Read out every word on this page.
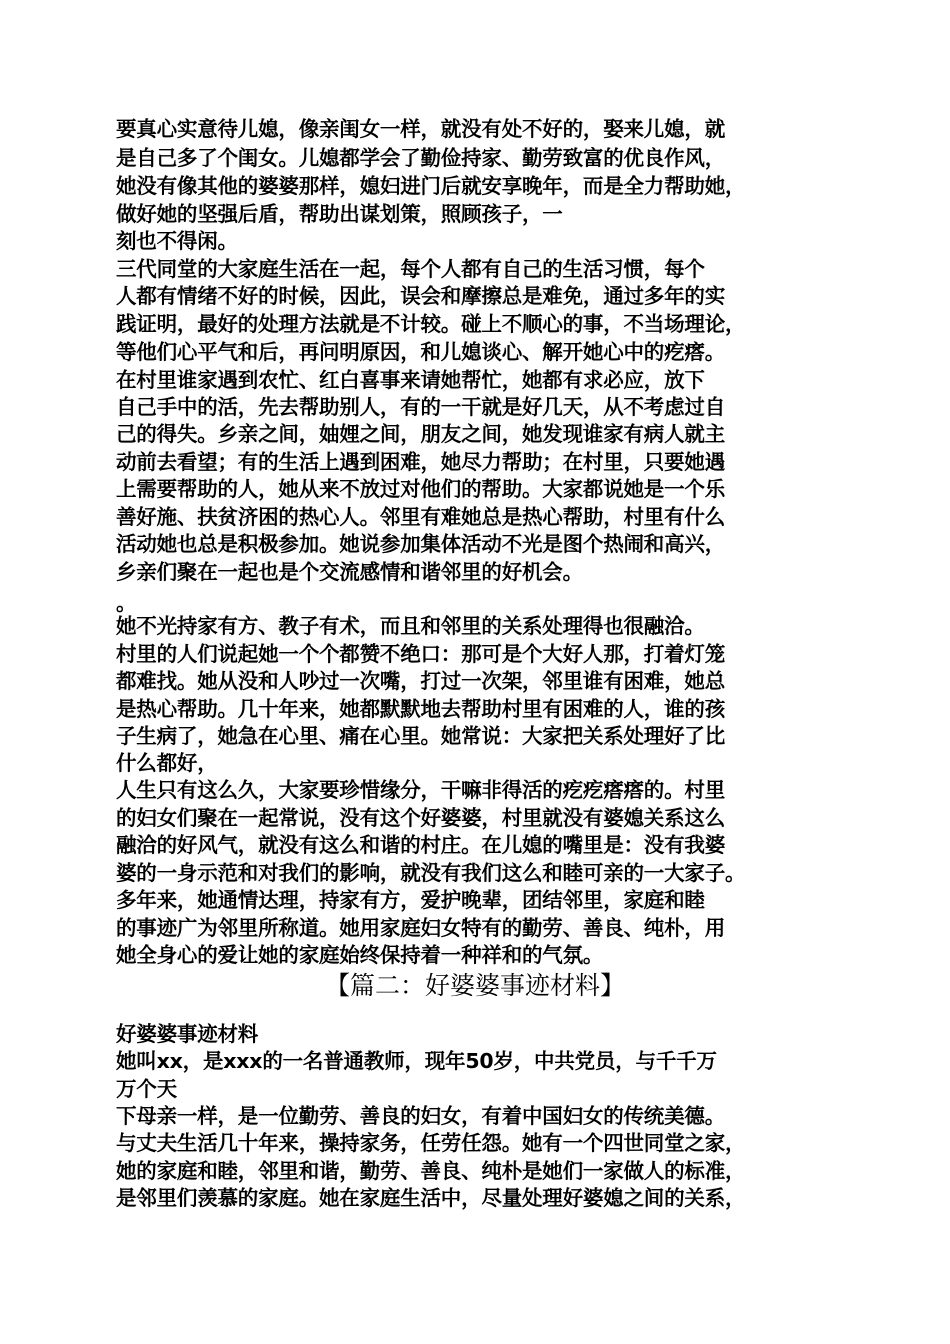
要真心实意待儿媳，像亲闺女一样，就没有处不好的，娶来儿媳，就
是自己多了个闺女。儿媳都学会了勤俭持家、勤劳致富的优良作风，
她没有像其他的婆婆那样，媳妇进门后就安享晚年，而是全力帮助她，
做好她的坚强后盾，帮助出谋划策，照顾孩子，一
刻也不得闲。
三代同堂的大家庭生活在一起，每个人都有自己的生活习惯，每个
人都有情绪不好的时候，因此，误会和摩擦总是难免，通过多年的实
践证明，最好的处理方法就是不计较。碰上不顺心的事，不当场理论，
等他们心平气和后，再问明原因，和儿媳谈心、解开她心中的疙瘩。
在村里谁家遇到农忙、红白喜事来请她帮忙，她都有求必应，放下
自己手中的活，先去帮助别人，有的一干就是好几天，从不考虑过自
己的得失。乡亲之间，妯娌之间，朋友之间，她发现谁家有病人就主
动前去看望；有的生活上遇到困难，她尽力帮助；在村里，只要她遇
上需要帮助的人，她从来不放过对他们的帮助。大家都说她是一个乐
善好施、扶贫济困的热心人。邻里有难她总是热心帮助，村里有什么
活动她也总是积极参加。她说参加集体活动不光是图个热闹和高兴，
乡亲们聚在一起也是个交流感情和谐邻里的好机会。
。
她不光持家有方、教子有术，而且和邻里的关系处理得也很融洽。
村里的人们说起她一个个都赞不绝口：那可是个大好人那，打着灯笼
都难找。她从没和人吵过一次嘴，打过一次架，邻里谁有困难，她总
是热心帮助。几十年来，她都默默地去帮助村里有困难的人，谁的孩
子生病了，她急在心里、痛在心里。她常说：大家把关系处理好了比
什么都好，
人生只有这么久，大家要珍惜缘分，干嘛非得活的疙疙瘩瘩的。村里
的妇女们聚在一起常说，没有这个好婆婆，村里就没有婆媳关系这么
融洽的好风气，就没有这么和谐的村庄。在儿媳的嘴里是：没有我婆
婆的一身示范和对我们的影响，就没有我们这么和睦可亲的一大家子。
多年来，她通情达理，持家有方，爱护晚辈，团结邻里，家庭和睦
的事迹广为邻里所称道。她用家庭妇女特有的勤劳、善良、纯朴，用
她全身心的爱让她的家庭始终保持着一种祥和的气氛。
【篇二：好婆婆事迹材料】
好婆婆事迹材料
她叫xx，是xxx的一名普通教师，现年50岁，中共党员，与千千万
万个天
下母亲一样，是一位勤劳、善良的妇女，有着中国妇女的传统美德。
与丈夫生活几十年来，操持家务，任劳任怨。她有一个四世同堂之家，
她的家庭和睦，邻里和谐，勤劳、善良、纯朴是她们一家做人的标准，
是邻里们羡慕的家庭。她在家庭生活中，尽量处理好婆媳之间的关系，
